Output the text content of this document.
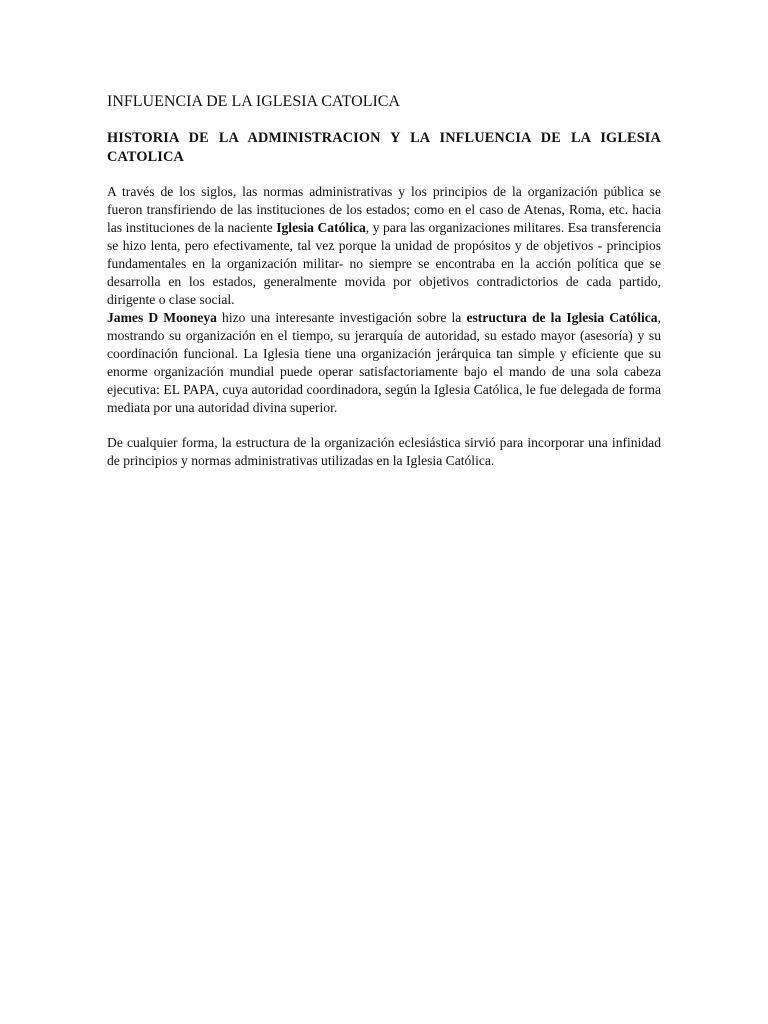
INFLUENCIA DE LA IGLESIA CATOLICA
HISTORIA DE LA ADMINISTRACION Y LA INFLUENCIA DE LA IGLESIA CATOLICA

A través de los siglos, las normas administrativas y los principios de la organización pública se fueron transfiriendo de las instituciones de los estados; como en el caso de Atenas, Roma, etc. hacia las instituciones de la naciente Iglesia Católica, y para las organizaciones militares. Esa transferencia se hizo lenta, pero efectivamente, tal vez porque la unidad de propósitos y de objetivos - principios fundamentales en la organización militar- no siempre se encontraba en la acción política que se desarrolla en los estados, generalmente movida por objetivos contradictorios de cada partido, dirigente o clase social.
James D Mooneya hizo una interesante investigación sobre la estructura de la Iglesia Católica, mostrando su organización en el tiempo, su jerarquía de autoridad, su estado mayor (asesoría) y su coordinación funcional. La Iglesia tiene una organización jerárquica tan simple y eficiente que su enorme organización mundial puede operar satisfactoriamente bajo el mando de una sola cabeza ejecutiva: EL PAPA, cuya autoridad coordinadora, según la Iglesia Católica, le fue delegada de forma mediata por una autoridad divina superior.

De cualquier forma, la estructura de la organización eclesiástica sirvió para incorporar una infinidad de principios y normas administrativas utilizadas en la Iglesia Católica.
